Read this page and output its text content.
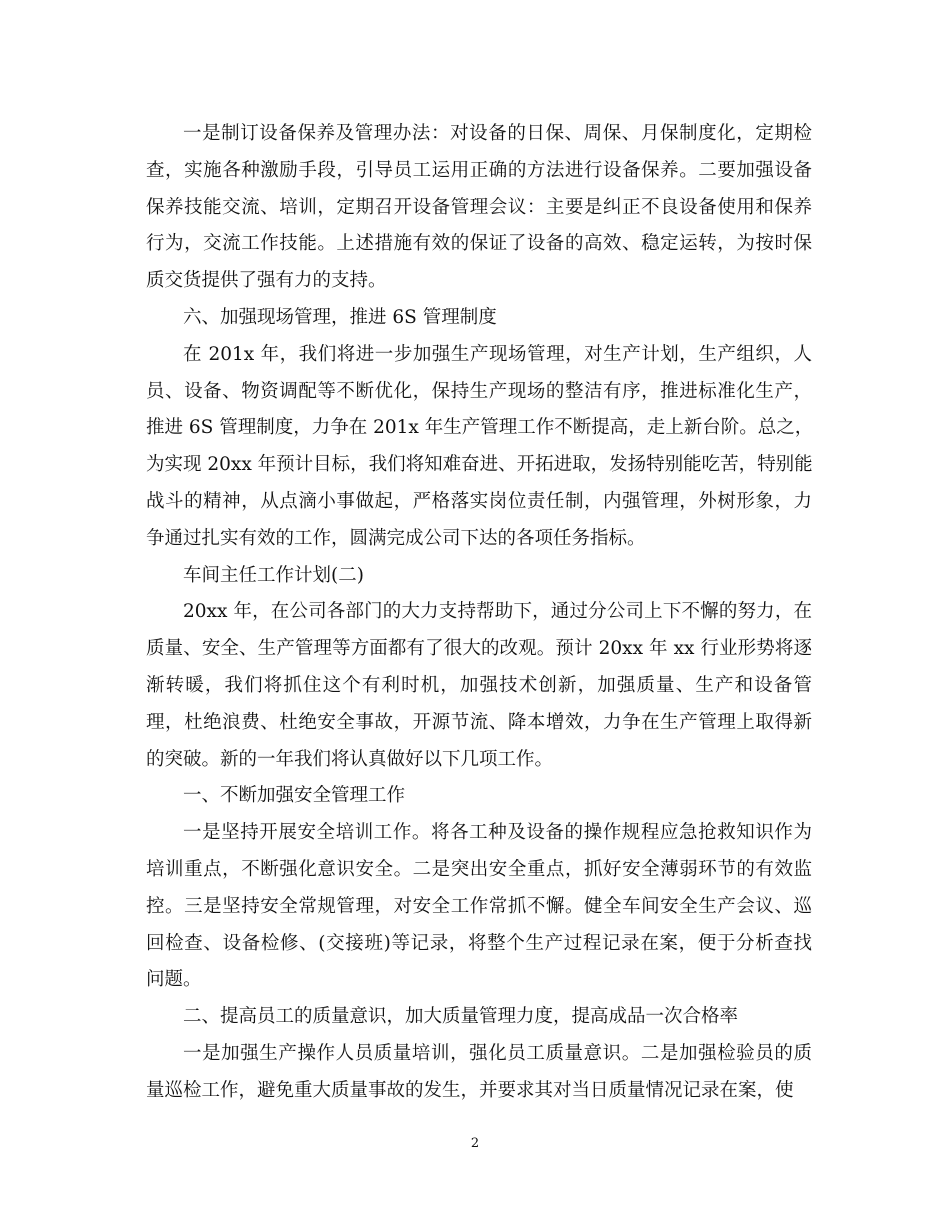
一是制订设备保养及管理办法：对设备的日保、周保、月保制度化，定期检
查，实施各种激励手段，引导员工运用正确的方法进行设备保养。二要加强设备
保养技能交流、培训，定期召开设备管理会议：主要是纠正不良设备使用和保养
行为，交流工作技能。上述措施有效的保证了设备的高效、稳定运转，为按时保
质交货提供了强有力的支持。
六、加强现场管理，推进 6S 管理制度
在 201x 年，我们将进一步加强生产现场管理，对生产计划，生产组织，人
员、设备、物资调配等不断优化，保持生产现场的整洁有序，推进标准化生产，
推进 6S 管理制度，力争在 201x 年生产管理工作不断提高，走上新台阶。总之，
为实现 20xx 年预计目标，我们将知难奋进、开拓进取，发扬特别能吃苦，特别能
战斗的精神，从点滴小事做起，严格落实岗位责任制，内强管理，外树形象，力
争通过扎实有效的工作，圆满完成公司下达的各项任务指标。
车间主任工作计划(二)
20xx 年，在公司各部门的大力支持帮助下，通过分公司上下不懈的努力，在
质量、安全、生产管理等方面都有了很大的改观。预计 20xx 年 xx 行业形势将逐
渐转暖，我们将抓住这个有利时机，加强技术创新，加强质量、生产和设备管
理，杜绝浪费、杜绝安全事故，开源节流、降本增效，力争在生产管理上取得新
的突破。新的一年我们将认真做好以下几项工作。
一、不断加强安全管理工作
一是坚持开展安全培训工作。将各工种及设备的操作规程应急抢救知识作为
培训重点，不断强化意识安全。二是突出安全重点，抓好安全薄弱环节的有效监
控。三是坚持安全常规管理，对安全工作常抓不懈。健全车间安全生产会议、巡
回检查、设备检修、(交接班)等记录，将整个生产过程记录在案，便于分析查找
问题。
二、提高员工的质量意识，加大质量管理力度，提高成品一次合格率
一是加强生产操作人员质量培训，强化员工质量意识。二是加强检验员的质
量巡检工作，避免重大质量事故的发生，并要求其对当日质量情况记录在案，使
2
